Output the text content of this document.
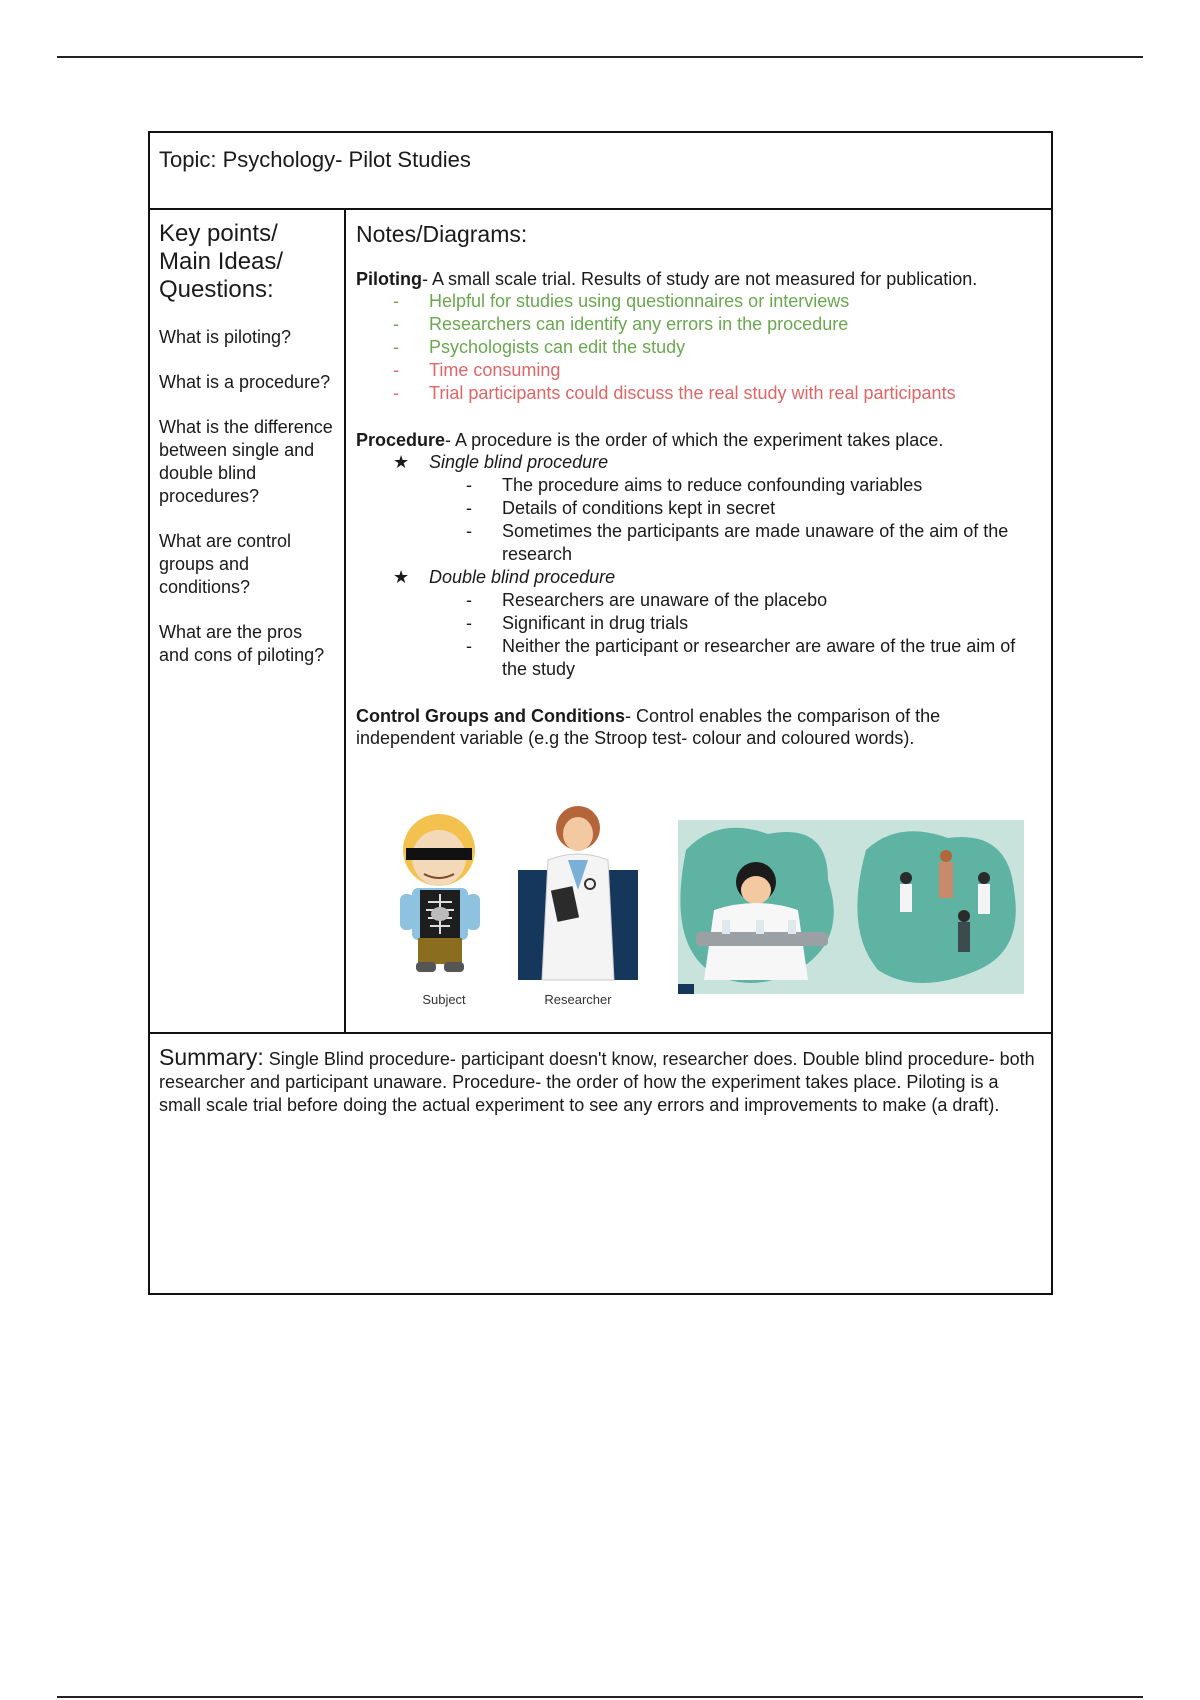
Topic: Psychology- Pilot Studies

Key points/ Main Ideas/ Questions:

What is piloting?

What is a procedure?

What is the difference between single and double blind procedures?

What are control groups and conditions?

What are the pros and cons of piloting?

Notes/Diagrams:

Piloting- A small scale trial. Results of study are not measured for publication.

-	Helpful for studies using questionnaires or interviews
-	Researchers can identify any errors in the procedure
-	Psychologists can edit the study
-	Time consuming
-	Trial participants could discuss the real study with real participants

Procedure- A procedure is the order of which the experiment takes place.

★ Single blind procedure
- The procedure aims to reduce confounding variables
- Details of conditions kept in secret
- Sometimes the participants are made unaware of the aim of the research
★ Double blind procedure
- Researchers are unaware of the placebo
- Significant in drug trials
- Neither the participant or researcher are aware of the true aim of the study

Control Groups and Conditions- Control enables the comparison of the independent variable (e.g the Stroop test- colour and coloured words).

Subject	Researcher

Summary: Single Blind procedure- participant doesn't know, researcher does. Double blind procedure- both researcher and participant unaware. Procedure- the order of how the experiment takes place. Piloting is a small scale trial before doing the actual experiment to see any errors and improvements to make (a draft).
